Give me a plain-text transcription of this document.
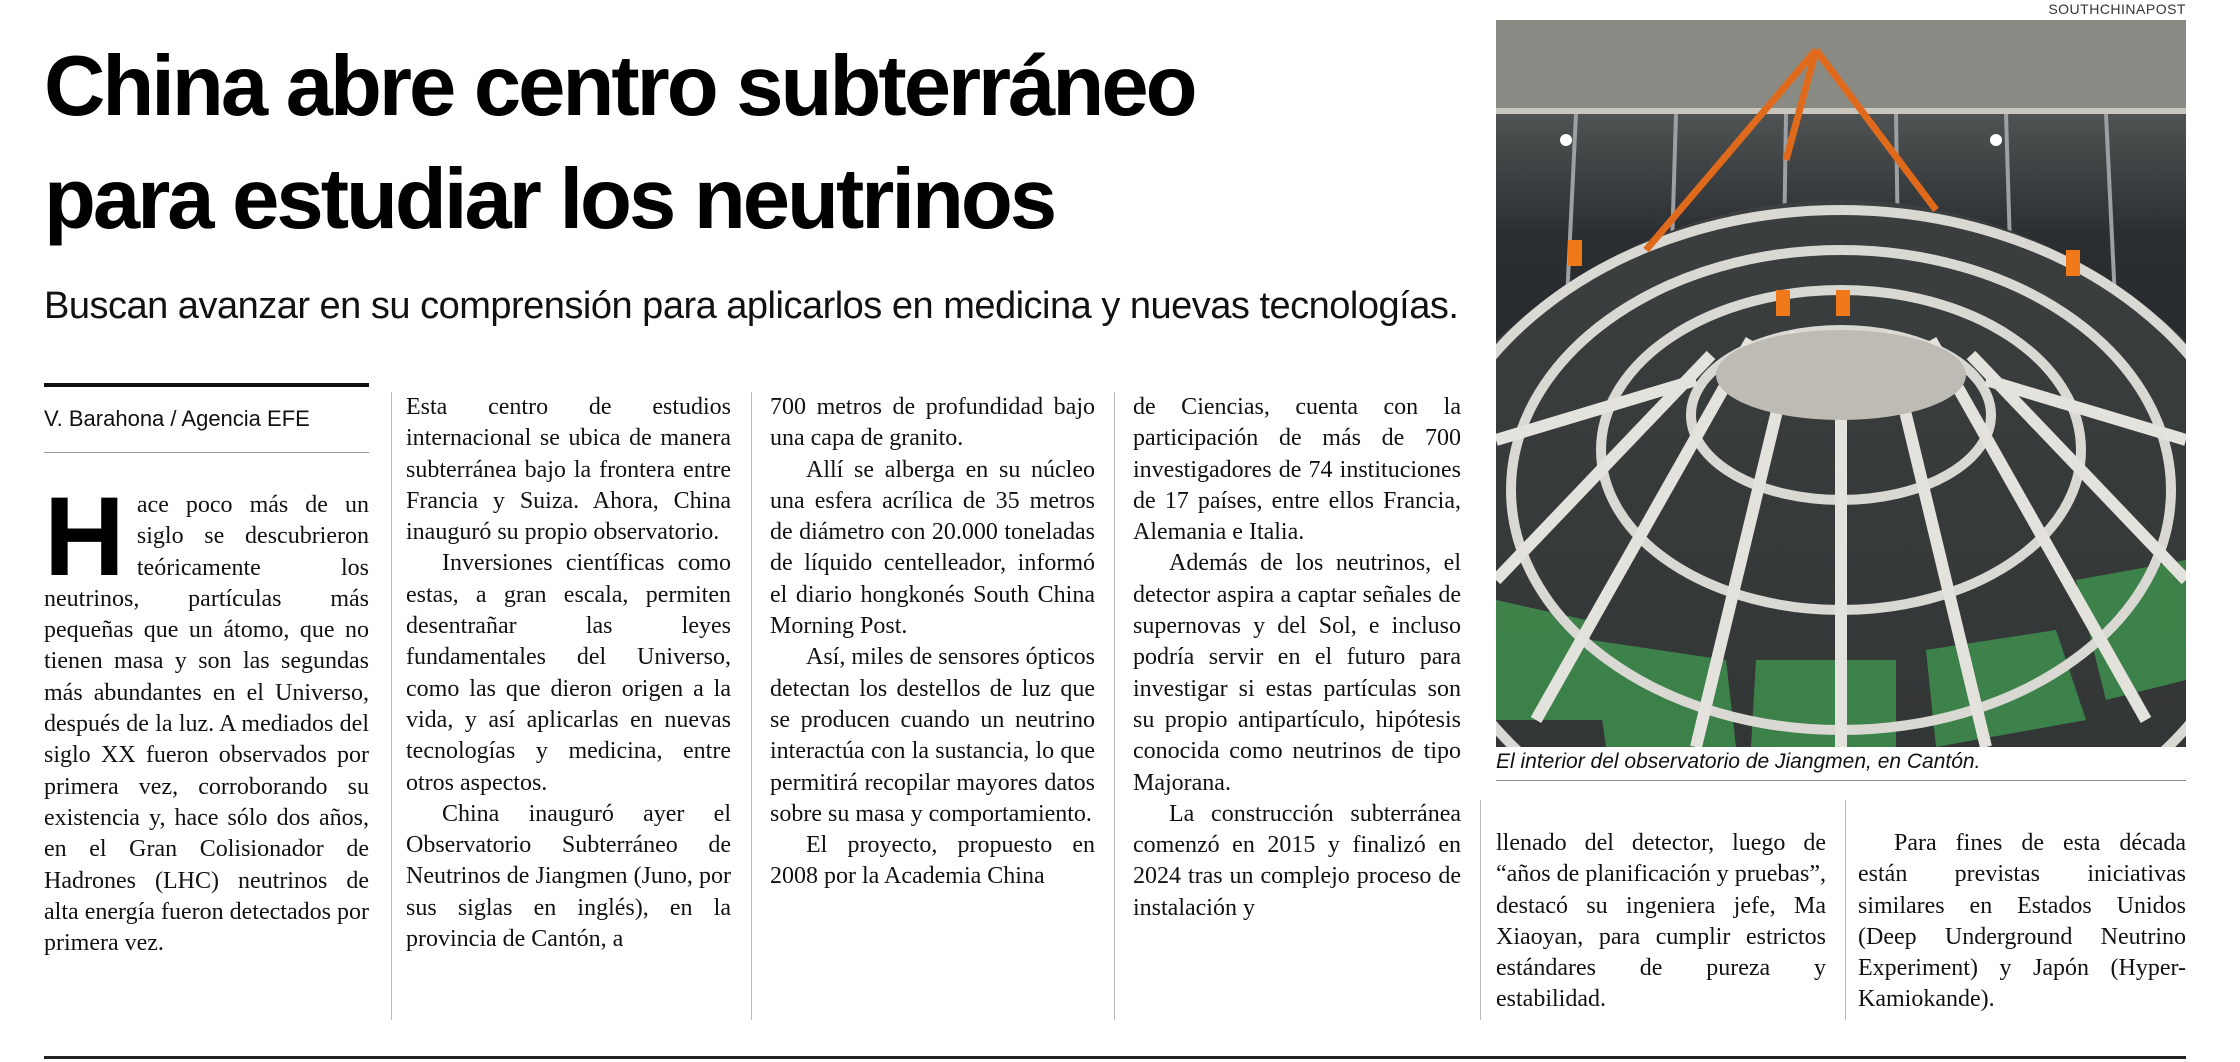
China abre centro subterráneo
para estudiar los neutrinos
Buscan avanzar en su comprensión para aplicarlos en medicina y nuevas tecnologías.
V. Barahona / Agencia EFE

Hace poco más de un siglo se descubrieron teóricamente los neutrinos, partículas más pequeñas que un átomo, que no tienen masa y son las segundas más abundantes en el Universo, después de la luz. A mediados del siglo XX fueron observados por primera vez, corroborando su existencia y, hace sólo dos años, en el Gran Colisionador de Hadrones (LHC) neutrinos de alta energía fueron detectados por primera vez.

Esta centro de estudios internacional se ubica de manera subterránea bajo la frontera entre Francia y Suiza. Ahora, China inauguró su propio observatorio.

Inversiones científicas como estas, a gran escala, permiten desentrañar las leyes fundamentales del Universo, como las que dieron origen a la vida, y así aplicarlas en nuevas tecnologías y medicina, entre otros aspectos.

China inauguró ayer el Observatorio Subterráneo de Neutrinos de Jiangmen (Juno, por sus siglas en inglés), en la provincia de Cantón, a

700 metros de profundidad bajo una capa de granito.

Allí se alberga en su núcleo una esfera acrílica de 35 metros de diámetro con 20.000 toneladas de líquido centelleador, informó el diario hongkonés South China Morning Post.

Así, miles de sensores ópticos detectan los destellos de luz que se producen cuando un neutrino interactúa con la sustancia, lo que permitirá recopilar mayores datos sobre su masa y comportamiento.

El proyecto, propuesto en 2008 por la Academia China

de Ciencias, cuenta con la participación de más de 700 investigadores de 74 instituciones de 17 países, entre ellos Francia, Alemania e Italia.

Además de los neutrinos, el detector aspira a captar señales de supernovas y del Sol, e incluso podría servir en el futuro para investigar si estas partículas son su propio antipartículo, hipótesis conocida como neutrinos de tipo Majorana.

La construcción subterránea comenzó en 2015 y finalizó en 2024 tras un complejo proceso de instalación y

llenado del detector, luego de “años de planificación y pruebas”, destacó su ingeniera jefe, Ma Xiaoyan, para cumplir estrictos estándares de pureza y estabilidad.

Para fines de esta década están previstas iniciativas similares en Estados Unidos (Deep Underground Neutrino Experiment) y Japón (Hyper-Kamiokande).

SOUTHCHINAPOST
El interior del observatorio de Jiangmen, en Cantón.
